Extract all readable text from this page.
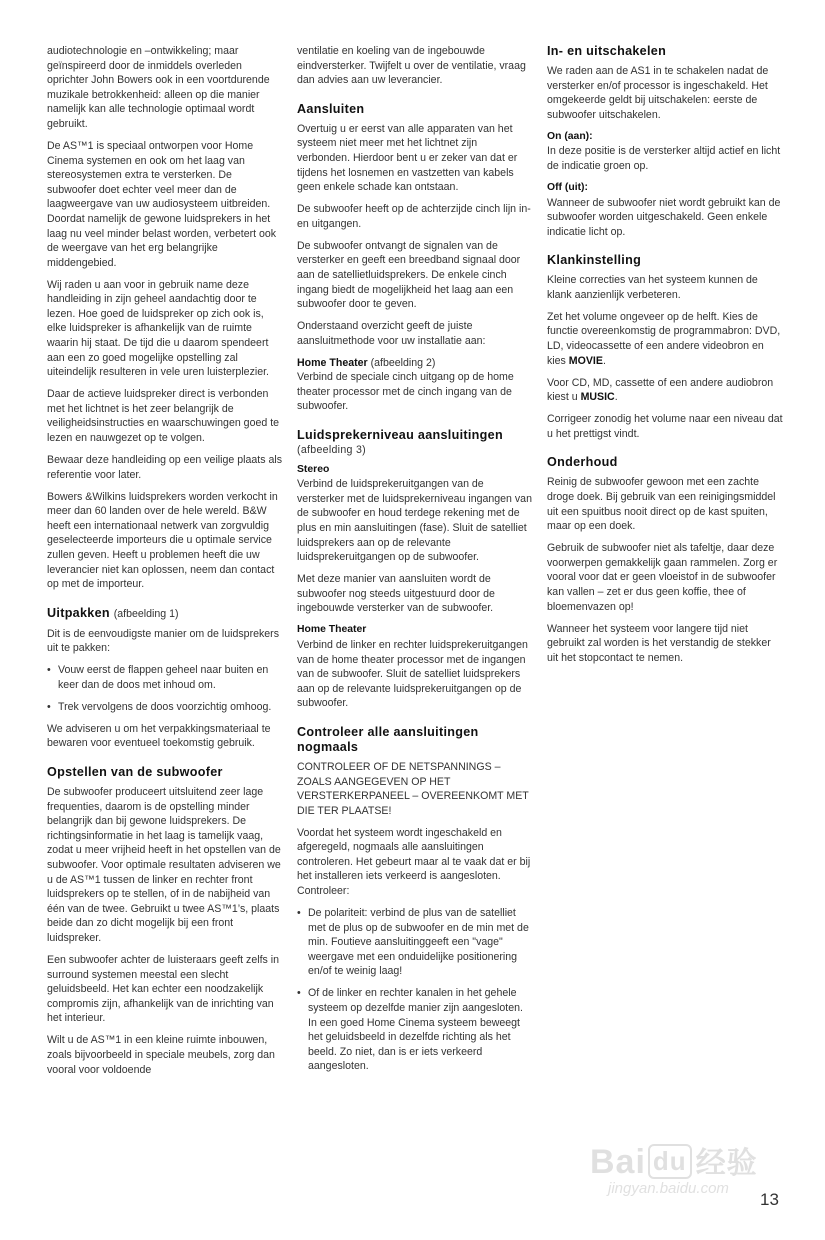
audiotechnologie en –ontwikkeling; maar geïnspireerd door de inmiddels overleden oprichter John Bowers ook in een voortdurende muzikale betrokkenheid: alleen op die manier namelijk kan alle technologie optimaal wordt gebruikt.

De AS™1 is speciaal ontworpen voor Home Cinema systemen en ook om het laag van stereosystemen extra te versterken. De subwoofer doet echter veel meer dan de laagweergave van uw audiosysteem uitbreiden. Doordat namelijk de gewone luidsprekers in het laag nu veel minder belast worden, verbetert ook de weergave van het erg belangrijke middengebied.

Wij raden u aan voor in gebruik name deze handleiding in zijn geheel aandachtig door te lezen. Hoe goed de luidspreker op zich ook is, elke luidspreker is afhankelijk van de ruimte waarin hij staat. De tijd die u daarom spendeert aan een zo goed mogelijke opstelling zal uiteindelijk resulteren in vele uren luisterplezier.

Daar de actieve luidspreker direct is verbonden met het lichtnet is het zeer belangrijk de veiligheidsinstructies en waarschuwingen goed te lezen en nauwgezet op te volgen.

Bewaar deze handleiding op een veilige plaats als referentie voor later.

Bowers &Wilkins luidsprekers worden verkocht in meer dan 60 landen over de hele wereld. B&W heeft een internationaal netwerk van zorgvuldig geselecteerde importeurs die u optimale service zullen geven. Heeft u problemen heeft die uw leverancier niet kan oplossen, neem dan contact op met de importeur.

Uitpakken (afbeelding 1)

Dit is de eenvoudigste manier om de luidsprekers uit te pakken:

• Vouw eerst de flappen geheel naar buiten en keer dan de doos met inhoud om.
• Trek vervolgens de doos voorzichtig omhoog.

We adviseren u om het verpakkingsmateriaal te bewaren voor eventueel toekomstig gebruik.

Opstellen van de subwoofer

De subwoofer produceert uitsluitend zeer lage frequenties, daarom is de opstelling minder belangrijk dan bij gewone luidsprekers. De richtingsinformatie in het laag is tamelijk vaag, zodat u meer vrijheid heeft in het opstellen van de subwoofer. Voor optimale resultaten adviseren we u de AS™1 tussen de linker en rechter front luidsprekers op te stellen, of in de nabijheid van één van de twee. Gebruikt u twee AS™1’s, plaats beide dan zo dicht mogelijk bij een front luidspreker.

Een subwoofer achter de luisteraars geeft zelfs in surround systemen meestal een slecht geluidsbeeld. Het kan echter een noodzakelijk compromis zijn, afhankelijk van de inrichting van het interieur.

Wilt u de AS™1 in een kleine ruimte inbouwen, zoals bijvoorbeeld in speciale meubels, zorg dan vooral voor voldoende

ventilatie en koeling van de ingebouwde eindversterker. Twijfelt u over de ventilatie, vraag dan advies aan uw leverancier.

Aansluiten

Overtuig u er eerst van alle apparaten van het systeem niet meer met het lichtnet zijn verbonden. Hierdoor bent u er zeker van dat er tijdens het losnemen en vastzetten van kabels geen enkele schade kan ontstaan.

De subwoofer heeft op de achterzijde cinch lijn in- en uitgangen.

De subwoofer ontvangt de signalen van de versterker en geeft een breedband signaal door aan de satellietluidsprekers. De enkele cinch ingang biedt de mogelijkheid het laag aan een subwoofer door te geven.

Onderstaand overzicht geeft de juiste aansluitmethode voor uw installatie aan:

Home Theater (afbeelding 2)
Verbind de speciale cinch uitgang op de home theater processor met de cinch ingang van de subwoofer.

Luidsprekerniveau aansluitingen
(afbeelding 3)
Stereo

Verbind de luidsprekeruitgangen van de versterker met de luidsprekerniveau ingangen van de subwoofer en houd terdege rekening met de plus en min aansluitingen (fase). Sluit de satelliet luidsprekers aan op de relevante luidsprekeruitgangen op de subwoofer.

Met deze manier van aansluiten wordt de subwoofer nog steeds uitgestuurd door de ingebouwde versterker van de subwoofer.

Home Theater

Verbind de linker en rechter luidsprekeruitgangen van de home theater processor met de ingangen van de subwoofer. Sluit de satelliet luidsprekers aan op de relevante luidsprekeruitgangen op de subwoofer.

Controleer alle aansluitingen nogmaals

CONTROLEER OF DE NETSPANNINGS – ZOALS AANGEGEVEN OP HET VERSTERKERPANEEL – OVEREENKOMT MET DIE TER PLAATSE!

Voordat het systeem wordt ingeschakeld en afgeregeld, nogmaals alle aansluitingen controleren. Het gebeurt maar al te vaak dat er bij het installeren iets verkeerd is aangesloten. Controleer:

• De polariteit: verbind de plus van de satelliet met de plus op de subwoofer en de min met de min. Foutieve aansluitinggeeft een "vage" weergave met een onduidelijke positionering en/of te weinig laag!
• Of de linker en rechter kanalen in het gehele systeem op dezelfde manier zijn aangesloten. In een goed Home Cinema systeem beweegt het geluidsbeeld in dezelfde richting als het beeld. Zo niet, dan is er iets verkeerd aangesloten.
In- en uitschakelen

We raden aan de AS1 in te schakelen nadat de versterker en/of processor is ingeschakeld. Het omgekeerde geldt bij uitschakelen: eerste de subwoofer uitschakelen.

On (aan):

In deze positie is de versterker altijd actief en licht de indicatie groen op.

Off (uit):

Wanneer de subwoofer niet wordt gebruikt kan de subwoofer worden uitgeschakeld. Geen enkele indicatie licht op.

Klankinstelling

Kleine correcties van het systeem kunnen de klank aanzienlijk verbeteren.

Zet het volume ongeveer op de helft. Kies de functie overeenkomstig de programmabron: DVD, LD, videocassette of een andere videobron en kies MOVIE.

Voor CD, MD, cassette of een andere audiobron kiest u MUSIC.

Corrigeer zonodig het volume naar een niveau dat u het prettigst vindt.

Onderhoud

Reinig de subwoofer gewoon met een zachte droge doek. Bij gebruik van een reinigingsmiddel uit een spuitbus nooit direct op de kast spuiten, maar op een doek.

Gebruik de subwoofer niet als tafeltje, daar deze voorwerpen gemakkelijk gaan rammelen. Zorg er vooral voor dat er geen vloeistof in de subwoofer kan vallen – zet er dus geen koffie, thee of bloemenvazen op!

Wanneer het systeem voor langere tijd niet gebruikt zal worden is het verstandig de stekker uit het stopcontact te nemen.

Bai du 经验
jingyan.baidu.com
13
